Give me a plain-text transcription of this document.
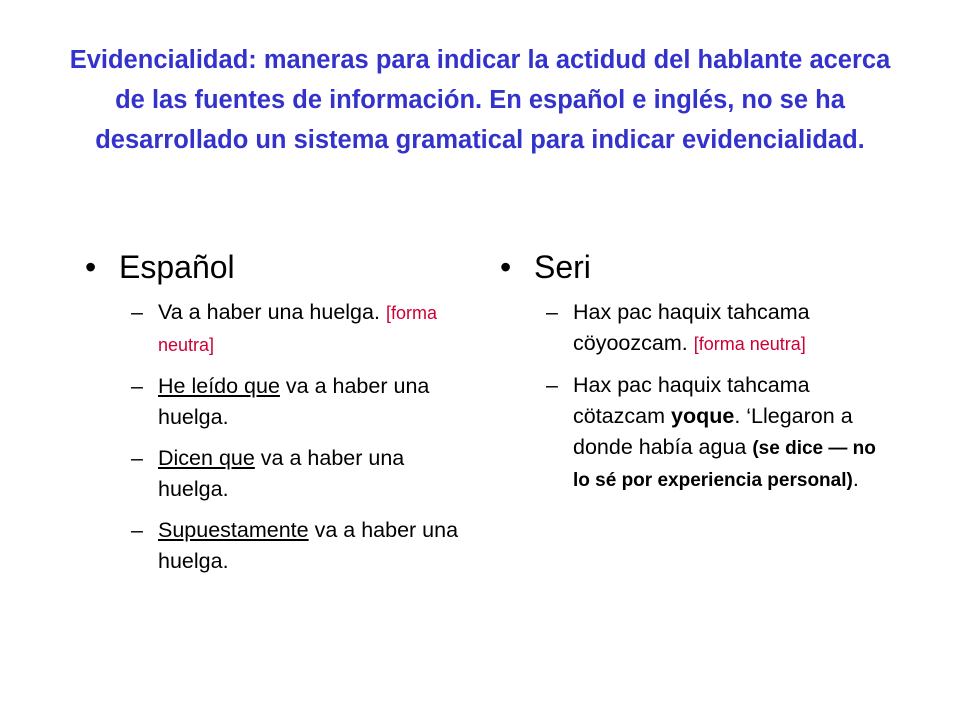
Evidencialidad: maneras para indicar la actidud del hablante acerca de las fuentes de información. En español e inglés, no se ha desarrollado un sistema gramatical para indicar evidencialidad.
• Español
– Va a haber una huelga. [forma neutra]
– He leído que va a haber una huelga.
– Dicen que va a haber una huelga.
– Supuestamente va a haber una huelga.
• Seri
– Hax pac haquix tahcama cöyoozcam. [forma neutra]
– Hax pac haquix tahcama cötazcam yoque. ‘Llegaron a donde había agua (se dice — no lo sé por experiencia personal).
